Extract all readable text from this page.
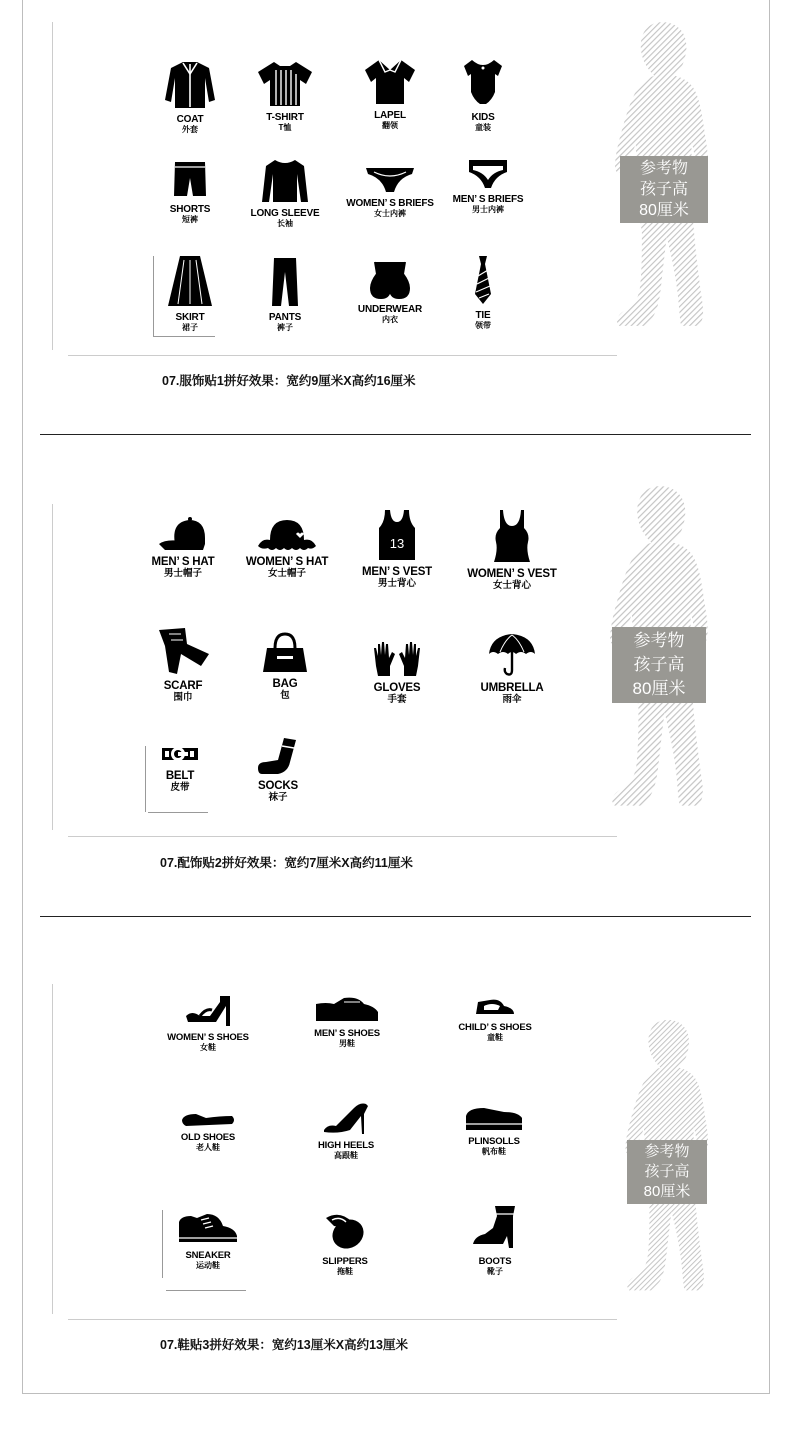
COAT
外套
T-SHIRT
T恤
LAPEL
翻领
KIDS
童装
SHORTS
短裤
LONG SLEEVE
长袖
WOMEN’ S BRIEFS
女士内裤
MEN’ S BRIEFS
男士内裤
SKIRT
裙子
PANTS
裤子
UNDERWEAR
内衣	TIE
领带
参考物
孩子高
80厘米
07.服饰贴1拼好效果：宽约9厘米X高约16厘米
MEN’ S HAT
男士帽子
WOMEN’ S HAT
女士帽子
13
MEN’ S VEST
男士背心
WOMEN’ S VEST
女士背心
SCARF
围巾
BAG
包
GLOVES
手套
UMBRELLA
雨伞
BELT
皮带	SOCKS
袜子
参考物
孩子高
80厘米
07.配饰贴2拼好效果：宽约7厘米X高约11厘米
WOMEN’ S SHOES
女鞋
MEN’ S SHOES
男鞋
CHILD’ S SHOES
童鞋
OLD SHOES
老人鞋	HIGH HEELS
高跟鞋
PLINSOLLS
帆布鞋
SNEAKER
运动鞋	SLIPPERS
拖鞋
BOOTS
靴子
参考物
孩子高
80厘米
07.鞋贴3拼好效果：宽约13厘米X高约13厘米
